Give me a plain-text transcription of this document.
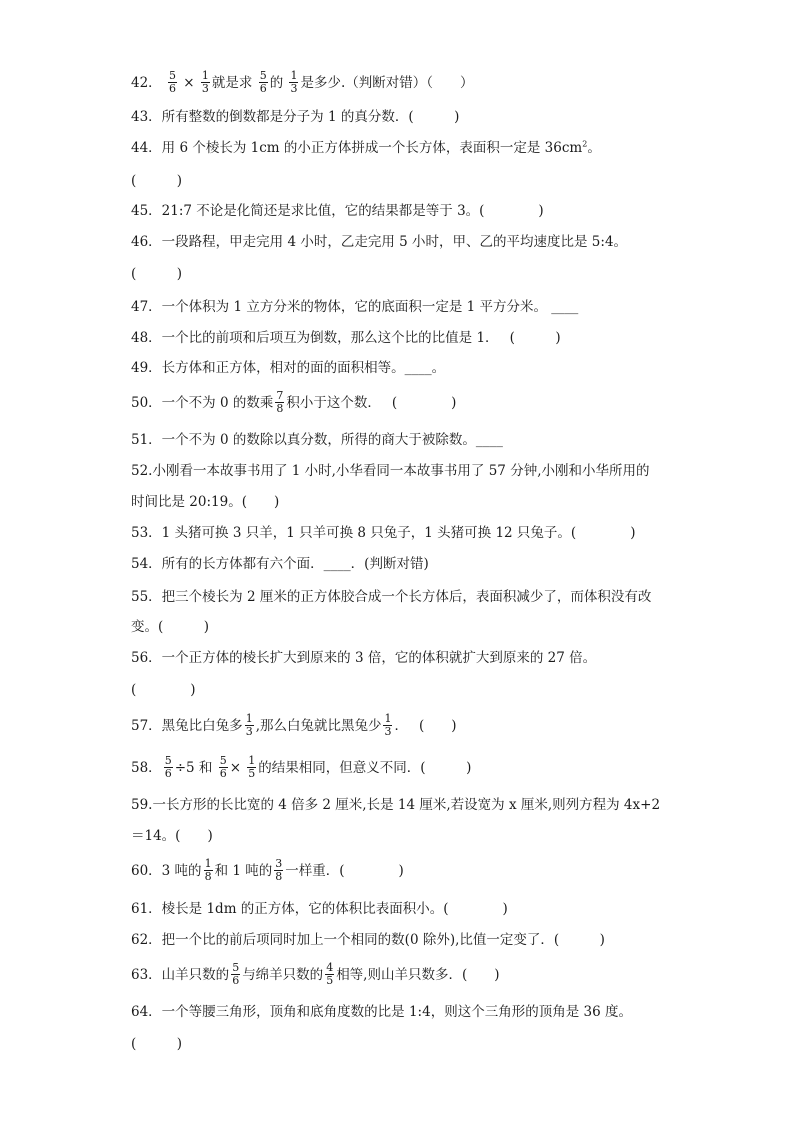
42． $\frac{5}{6} \times \frac{1}{3}$ 就是求 $\frac{5}{6}$ 的 $\frac{1}{3}$ 是多少.（判断对错）（　　）
43．所有整数的倒数都是分子为 1 的真分数．(　　　)
44．用 6 个棱长为 1cm 的小正方体拼成一个长方体，表面积一定是 $36cm^2$。
(　　　)
45．21:7 不论是化简还是求比值，它的结果都是等于 3。(　　　　)
46．一段路程，甲走完用 4 小时，乙走完用 5 小时，甲、乙的平均速度比是 5:4。
(　　　)
47．一个体积为 1 立方分米的物体，它的底面积一定是 1 平方分米。 ____
48．一个比的前项和后项互为倒数，那么这个比的比值是 1．　 (　　　)
49．长方体和正方体，相对的面的面积相等。____。
50．一个不为 0 的数乘 $\frac{7}{8}$ 积小于这个数．　 (　　　　)
51．一个不为 0 的数除以真分数，所得的商大于被除数。____
52.小刚看一本故事书用了 1 小时,小华看同一本故事书用了 57 分钟,小刚和小华所用的
时间比是 20:19。(　　)
53．1 头猪可换 3 只羊，1 只羊可换 8 只兔子，1 头猪可换 12 只兔子。(　　　　)
54．所有的长方体都有六个面．____．(判断对错)
55．把三个棱长为 2 厘米的正方体胶合成一个长方体后，表面积减少了，而体积没有改
变。(　　　)
56．一个正方体的棱长扩大到原来的 3 倍，它的体积就扩大到原来的 27 倍。
(　　　　)
57．黑兔比白兔多 $\frac{1}{3}$ ,那么白兔就比黑兔少 $\frac{1}{3}$ ．　 (　　)
58． $\frac{5}{6} \div 5$ 和 $\frac{5}{6} \times \frac{1}{5}$ 的结果相同，但意义不同．(　　　)
59.一长方形的长比宽的 4 倍多 2 厘米,长是 14 厘米,若设宽为 x 厘米,则列方程为 4x+2
＝14。(　　)
60．3 吨的 $\frac{1}{8}$ 和 1 吨的 $\frac{3}{8}$ 一样重．(　　　　)
61．棱长是 1dm 的正方体，它的体积比表面积小。(　　　　)
62．把一个比的前后项同时加上一个相同的数(0 除外),比值一定变了．(　　　)
63．山羊只数的 $\frac{5}{6}$ 与绵羊只数的 $\frac{4}{5}$ 相等,则山羊只数多．(　　)
64．一个等腰三角形，顶角和底角度数的比是 1:4，则这个三角形的顶角是 36 度。
(　　　)
